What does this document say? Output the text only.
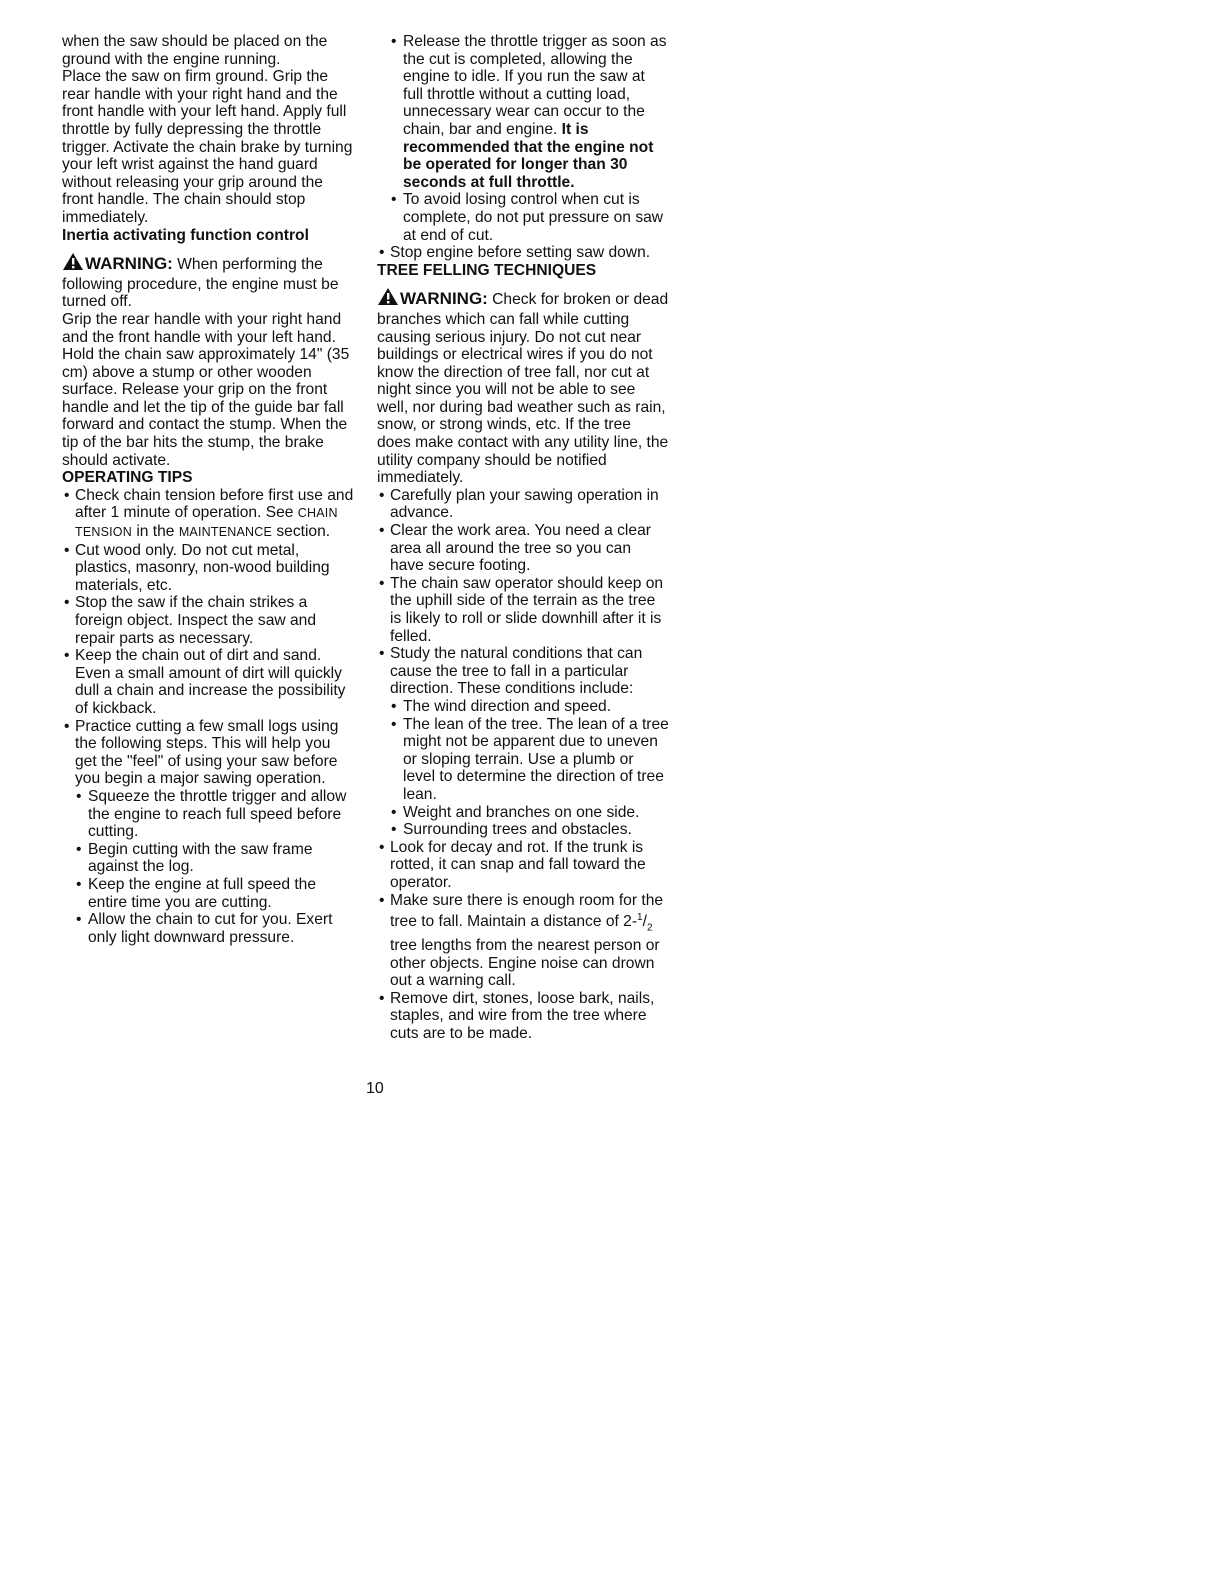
when the saw should be placed on the ground with the engine running.

Place the saw on firm ground. Grip the rear handle with your right hand and the front handle with your left hand. Apply full throttle by fully depressing the throttle trigger. Activate the chain brake by turning your left wrist against the hand guard without releasing your grip around the front handle. The chain should stop immediately.

Inertia activating function control

WARNING: When performing the following procedure, the engine must be turned off.

Grip the rear handle with your right hand and the front handle with your left hand. Hold the chain saw approximately 14" (35 cm) above a stump or other wooden surface. Release your grip on the front handle and let the tip of the guide bar fall forward and contact the stump. When the tip of the bar hits the stump, the brake should activate.

OPERATING TIPS

• Check chain tension before first use and after 1 minute of operation. See CHAIN TENSION in the MAINTENANCE section.
• Cut wood only. Do not cut metal, plastics, masonry, non-wood building materials, etc.
• Stop the saw if the chain strikes a foreign object. Inspect the saw and repair parts as necessary.
• Keep the chain out of dirt and sand. Even a small amount of dirt will quickly dull a chain and increase the possibility of kickback.
• Practice cutting a few small logs using the following steps. This will help you get the "feel" of using your saw before you begin a major sawing operation.
• Squeeze the throttle trigger and allow the engine to reach full speed before cutting.
• Begin cutting with the saw frame against the log.
• Keep the engine at full speed the entire time you are cutting.
• Allow the chain to cut for you. Exert only light downward pressure.
• Release the throttle trigger as soon as the cut is completed, allowing the engine to idle. If you run the saw at full throttle without a cutting load, unnecessary wear can occur to the chain, bar and engine. It is recommended that the engine not be operated for longer than 30 seconds at full throttle.
• To avoid losing control when cut is complete, do not put pressure on saw at end of cut.
• Stop engine before setting saw down.

TREE FELLING TECHNIQUES

WARNING: Check for broken or dead branches which can fall while cutting causing serious injury. Do not cut near buildings or electrical wires if you do not know the direction of tree fall, nor cut at night since you will not be able to see well, nor during bad weather such as rain, snow, or strong winds, etc. If the tree does make contact with any utility line, the utility company should be notified immediately.

• Carefully plan your sawing operation in advance.
• Clear the work area. You need a clear area all around the tree so you can have secure footing.
• The chain saw operator should keep on the uphill side of the terrain as the tree is likely to roll or slide downhill after it is felled.
• Study the natural conditions that can cause the tree to fall in a particular direction. These conditions include:
• The wind direction and speed.
• The lean of the tree. The lean of a tree might not be apparent due to uneven or sloping terrain. Use a plumb or level to determine the direction of tree lean.
• Weight and branches on one side.
• Surrounding trees and obstacles.
• Look for decay and rot. If the trunk is rotted, it can snap and fall toward the operator.
• Make sure there is enough room for the tree to fall. Maintain a distance of $2-^1/_2$ tree lengths from the nearest person or other objects. Engine noise can drown out a warning call.
• Remove dirt, stones, loose bark, nails, staples, and wire from the tree where cuts are to be made.
10
